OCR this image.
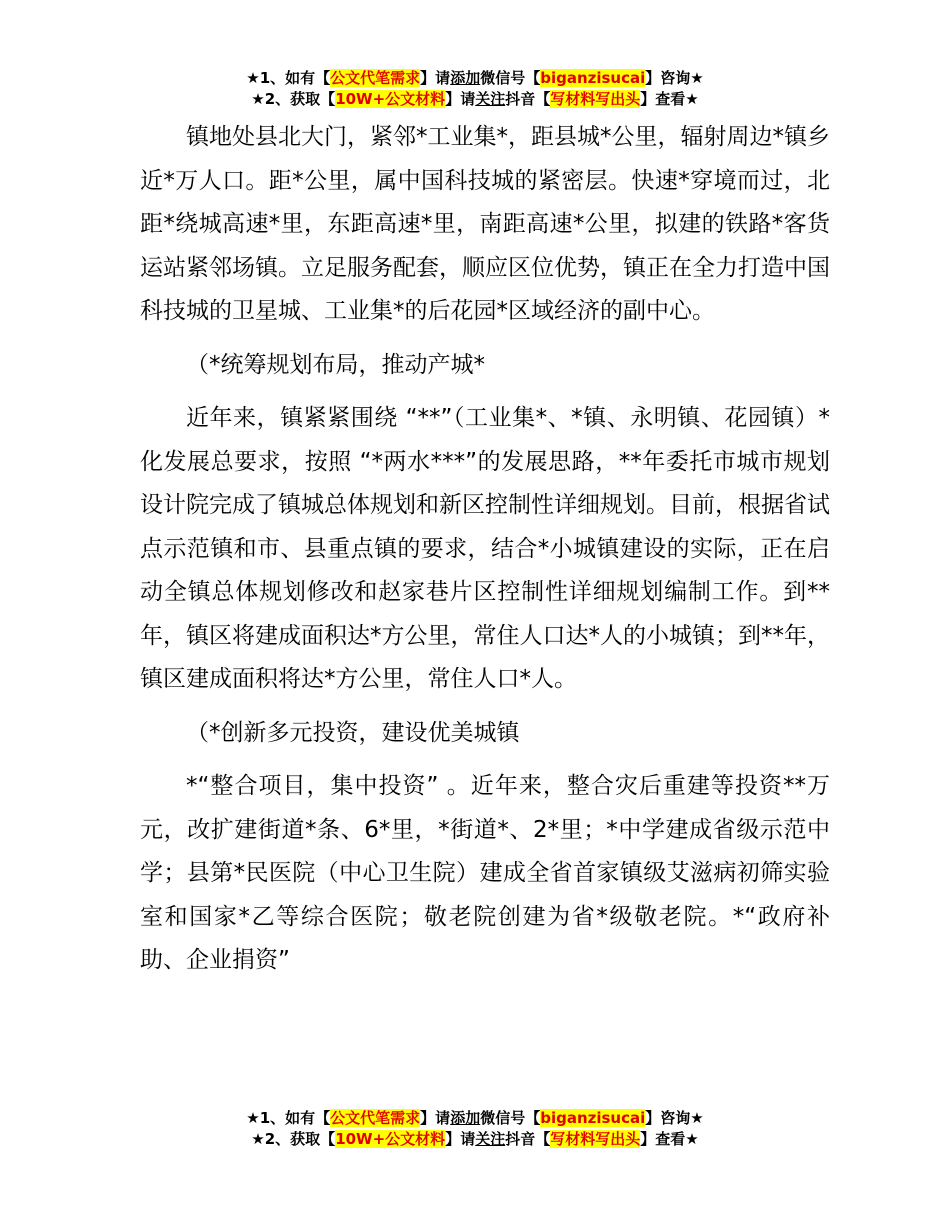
★1、如有【公文代笔需求】请添加微信号【biganzisucai】咨询★
★2、获取【10W+公文材料】请关注抖音【写材料写出头】查看★

镇地处县北大门，紧邻*工业集*，距县城*公里，辐射周边*镇乡近*万人口。距*公里，属中国科技城的紧密层。快速*穿境而过，北距*绕城高速*里，东距高速*里，南距高速*公里，拟建的铁路*客货运站紧邻场镇。立足服务配套，顺应区位优势，镇正在全力打造中国科技城的卫星城、工业集*的后花园*区域经济的副中心。

（*统筹规划布局，推动产城*

近年来，镇紧紧围绕 “**”（工业集*、*镇、永明镇、花园镇）*化发展总要求，按照 “*两水***”的发展思路，**年委托市城市规划设计院完成了镇城总体规划和新区控制性详细规划。目前，根据省试点示范镇和市、县重点镇的要求，结合*小城镇建设的实际，正在启动全镇总体规划修改和赵家巷片区控制性详细规划编制工作。到**年，镇区将建成面积达*方公里，常住人口达*人的小城镇；到**年，镇区建成面积将达*方公里，常住人口*人。

（*创新多元投资，建设优美城镇

*“整合项目，集中投资” 。近年来，整合灾后重建等投资**万元，改扩建街道*条、6*里，*街道*、2*里；*中学建成省级示范中学；县第*民医院（中心卫生院）建成全省首家镇级艾滋病初筛实验室和国家*乙等综合医院；敬老院创建为省*级敬老院。*“政府补助、企业捐资”

★1、如有【公文代笔需求】请添加微信号【biganzisucai】咨询★
★2、获取【10W+公文材料】请关注抖音【写材料写出头】查看★
